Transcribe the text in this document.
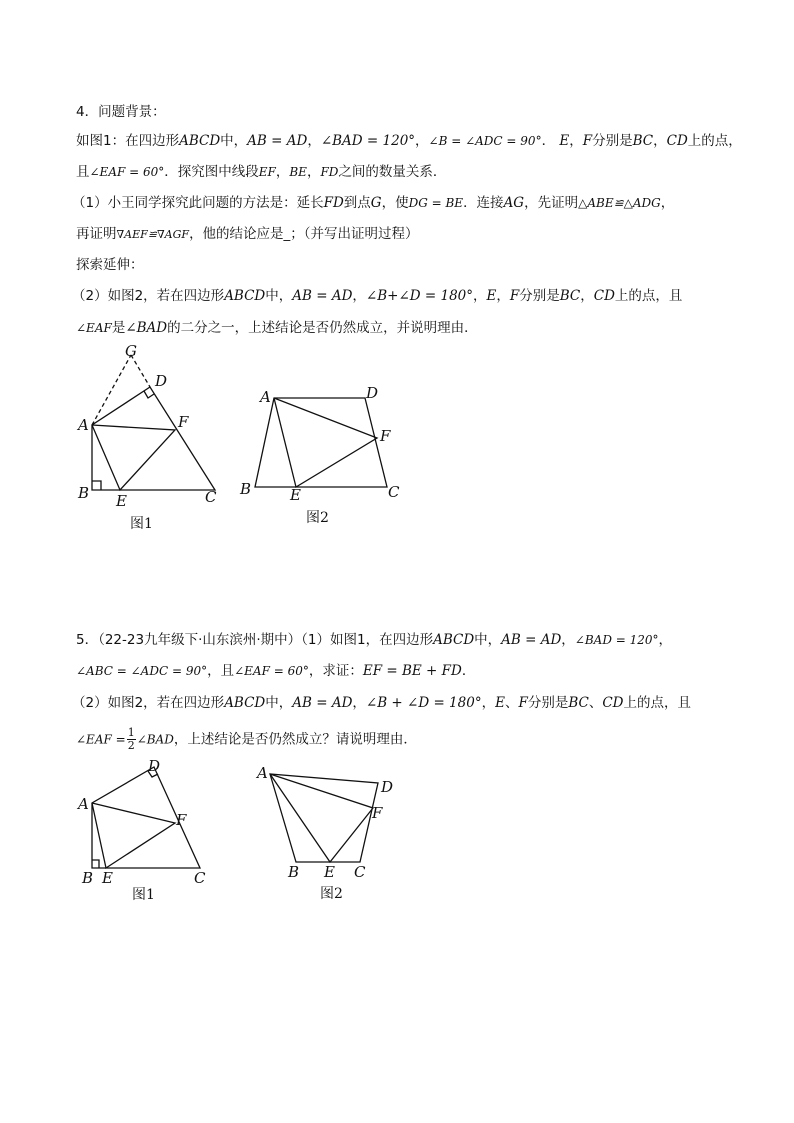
4．问题背景：
如图1：在四边形ABCD中，AB = AD，∠BAD = 120°，∠B = ∠ADC = 90°． E，F分别是BC，CD上的点，
且∠EAF = 60°．探究图中线段EF，BE，FD之间的数量关系．
（1）小王同学探究此问题的方法是：延长FD到点G，使DG = BE．连接AG，先证明△ABE≌△ADG，
再证明∇AEF≌∇AGF，他的结论应是_；（并写出证明过程）
探索延伸：
（2）如图2，若在四边形ABCD中，AB = AD，∠B+∠D = 180°，E，F分别是BC，CD上的点，且
∠EAF是∠BAD的二分之一，上述结论是否仍然成立，并说明理由．
G
D
A	F
B E	C
图1
A	D
F
B	E	C
图2
5．（22-23九年级下·山东滨州·期中）（1）如图1，在四边形ABCD中，AB = AD，∠BAD = 120°，
∠ABC = ∠ADC = 90°，且∠EAF = 60°，求证：EF = BE + FD．
（2）如图2，若在四边形ABCD中，AB = AD，∠B + ∠D = 180°，E、F分别是BC、CD上的点，且
∠EAF = $\frac{1}{2}$ ∠BAD，上述结论是否仍然成立？请说明理由．
D
A
F
B E	C
图1
A
D
F
B E C
图2
